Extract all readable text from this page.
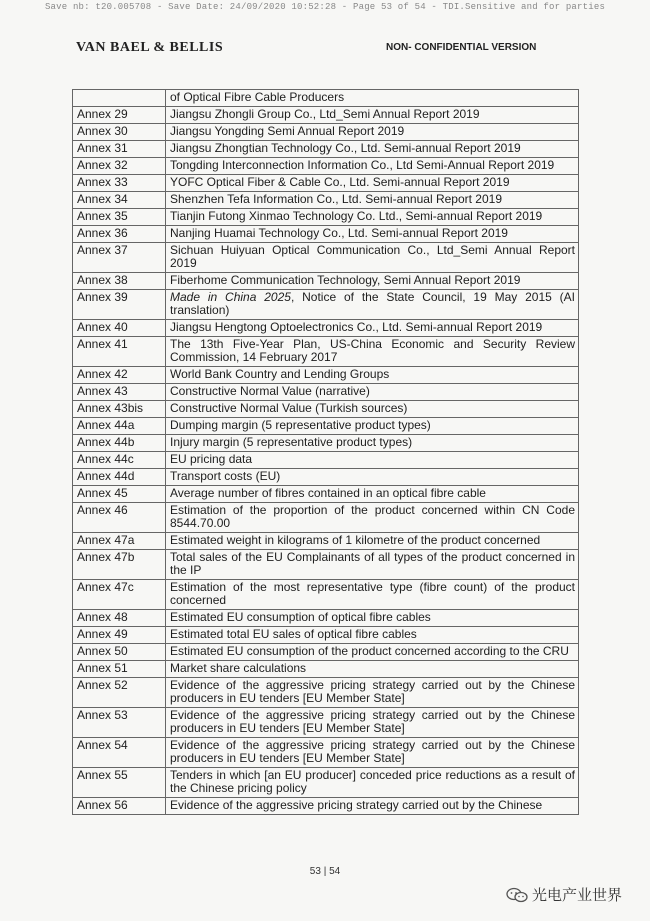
Save nb: t20.005708 - Save Date: 24/09/2020 10:52:28 - Page 53 of 54 - TDI.Sensitive and for parties
VAN BAEL & BELLIS	NON- CONFIDENTIAL VERSION
	of Optical Fibre Cable Producers
Annex 29	Jiangsu Zhongli Group Co., Ltd_Semi Annual Report 2019
Annex 30	Jiangsu Yongding Semi Annual Report 2019
Annex 31	Jiangsu Zhongtian Technology Co., Ltd. Semi-annual Report 2019
Annex 32	Tongding Interconnection Information Co., Ltd Semi-Annual Report 2019
Annex 33	YOFC Optical Fiber & Cable Co., Ltd. Semi-annual Report 2019
Annex 34	Shenzhen Tefa Information Co., Ltd. Semi-annual Report 2019
Annex 35	Tianjin Futong Xinmao Technology Co. Ltd., Semi-annual Report 2019
Annex 36	Nanjing Huamai Technology Co., Ltd. Semi-annual Report 2019
Annex 37	Sichuan Huiyuan Optical Communication Co., Ltd_Semi Annual Report 2019
Annex 38	Fiberhome Communication Technology, Semi Annual Report 2019
Annex 39	Made in China 2025, Notice of the State Council, 19 May 2015 (AI translation)
Annex 40	Jiangsu Hengtong Optoelectronics Co., Ltd. Semi-annual Report 2019
Annex 41	The 13th Five-Year Plan, US-China Economic and Security Review Commission, 14 February 2017
Annex 42	World Bank Country and Lending Groups
Annex 43	Constructive Normal Value (narrative)
Annex 43bis	Constructive Normal Value (Turkish sources)
Annex 44a	Dumping margin (5 representative product types)
Annex 44b	Injury margin (5 representative product types)
Annex 44c	EU pricing data
Annex 44d	Transport costs (EU)
Annex 45	Average number of fibres contained in an optical fibre cable
Annex 46	Estimation of the proportion of the product concerned within CN Code 8544.70.00
Annex 47a	Estimated weight in kilograms of 1 kilometre of the product concerned
Annex 47b	Total sales of the EU Complainants of all types of the product concerned in the IP
Annex 47c	Estimation of the most representative type (fibre count) of the product concerned
Annex 48	Estimated EU consumption of optical fibre cables
Annex 49	Estimated total EU sales of optical fibre cables
Annex 50	Estimated EU consumption of the product concerned according to the CRU
Annex 51	Market share calculations
Annex 52	Evidence of the aggressive pricing strategy carried out by the Chinese producers in EU tenders [EU Member State]
Annex 53	Evidence of the aggressive pricing strategy carried out by the Chinese producers in EU tenders [EU Member State]
Annex 54	Evidence of the aggressive pricing strategy carried out by the Chinese producers in EU tenders [EU Member State]
Annex 55	Tenders in which [an EU producer] conceded price reductions as a result of the Chinese pricing policy
Annex 56	Evidence of the aggressive pricing strategy carried out by the Chinese
53 | 54
光电产业世界
